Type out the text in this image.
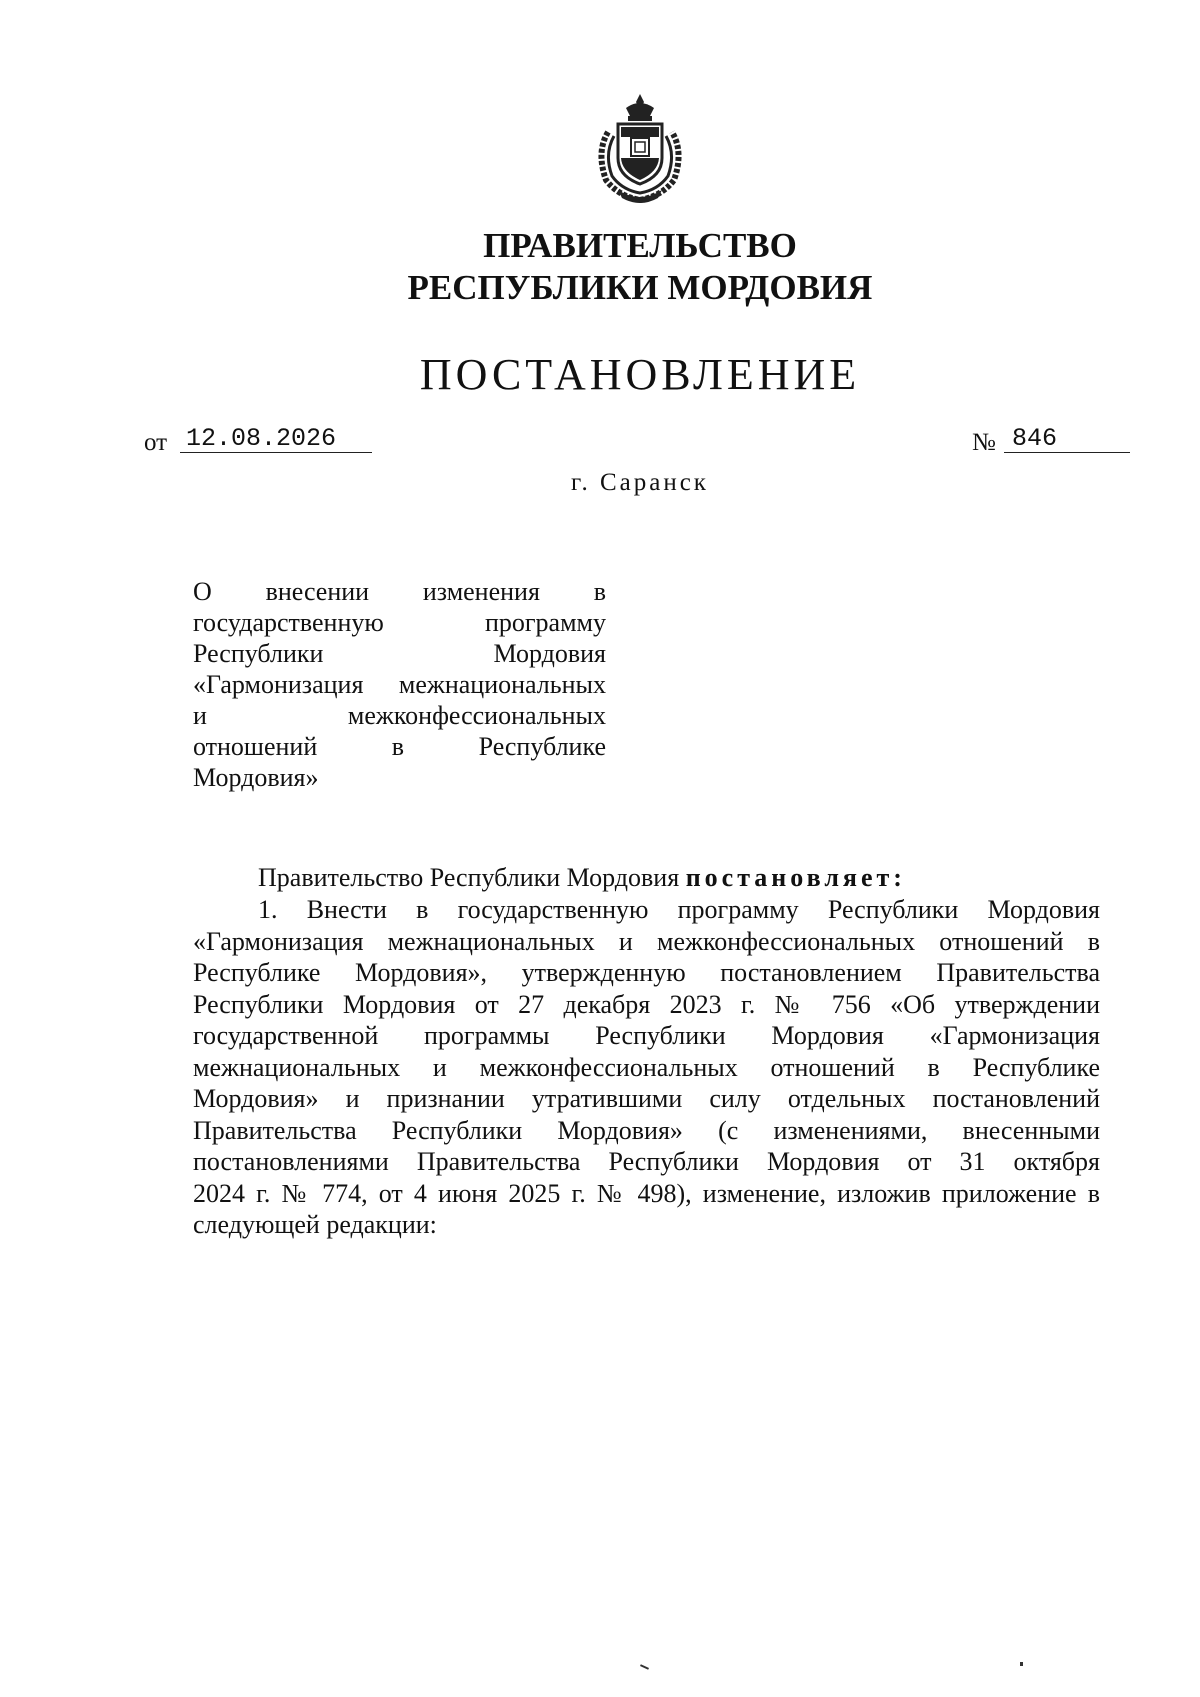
ПРАВИТЕЛЬСТВО
РЕСПУБЛИКИ МОРДОВИЯ
ПОСТАНОВЛЕНИЕ
от 12.08.2026	№ 846
г. Саранск
О внесении изменения в
государственную программу
Республики Мордовия
«Гармонизация межнациональных
и межконфессиональных
отношений в Республике
Мордовия»
Правительство Республики Мордовия постановляет:
1. Внести в государственную программу Республики Мордовия
«Гармонизация межнациональных и межконфессиональных отношений в
Республике Мордовия», утвержденную постановлением Правительства
Республики Мордовия от 27 декабря 2023 г. № 756 «Об утверждении
государственной программы Республики Мордовия «Гармонизация
межнациональных и межконфессиональных отношений в Республике
Мордовия» и признании утратившими силу отдельных постановлений
Правительства Республики Мордовия» (с изменениями, внесенными
постановлениями Правительства Республики Мордовия от 31 октября
2024 г. № 774, от 4 июня 2025 г. № 498), изменение, изложив приложение в
следующей редакции:
